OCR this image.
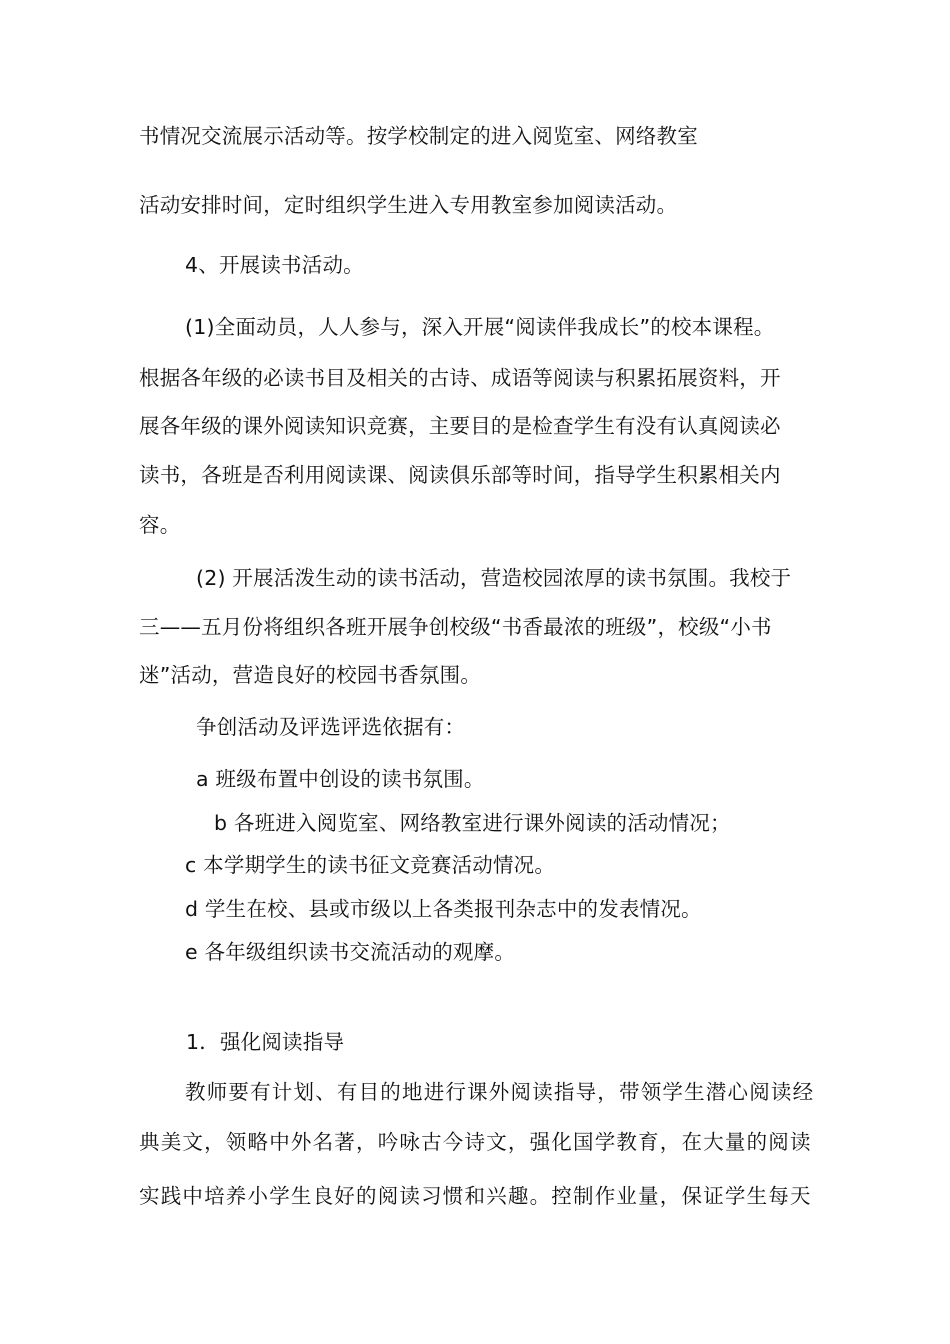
书情况交流展示活动等。按学校制定的进入阅览室、网络教室
活动安排时间，定时组织学生进入专用教室参加阅读活动。
4、开展读书活动。
(1)全面动员，人人参与，深入开展“阅读伴我成长”的校本课程。
根据各年级的必读书目及相关的古诗、成语等阅读与积累拓展资料，开
展各年级的课外阅读知识竞赛，主要目的是检查学生有没有认真阅读必
读书，各班是否利用阅读课、阅读俱乐部等时间，指导学生积累相关内
容。
(2) 开展活泼生动的读书活动，营造校园浓厚的读书氛围。我校于
三——五月份将组织各班开展争创校级“书香最浓的班级”，校级“小书
迷”活动，营造良好的校园书香氛围。
争创活动及评选评选依据有：
a 班级布置中创设的读书氛围。
b 各班进入阅览室、网络教室进行课外阅读的活动情况；
c 本学期学生的读书征文竞赛活动情况。
d 学生在校、县或市级以上各类报刊杂志中的发表情况。
e 各年级组织读书交流活动的观摩。
1．强化阅读指导
教师要有计划、有目的地进行课外阅读指导，带领学生潜心阅读经
典美文，领略中外名著，吟咏古今诗文，强化国学教育，在大量的阅读
实践中培养小学生良好的阅读习惯和兴趣。控制作业量，保证学生每天
